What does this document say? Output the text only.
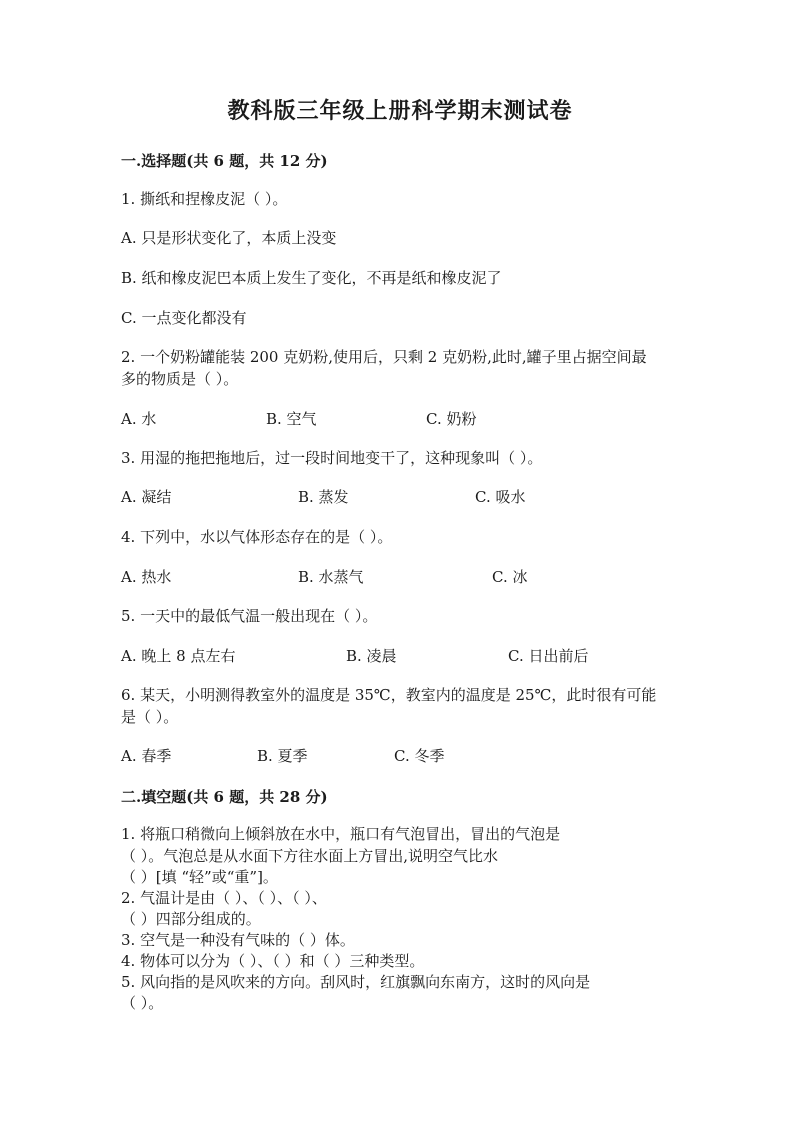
教科版三年级上册科学期末测试卷
一.选择题(共 6 题，共 12 分)
1. 撕纸和捏橡皮泥（ ）。
A. 只是形状变化了，本质上没变
B. 纸和橡皮泥巴本质上发生了变化，不再是纸和橡皮泥了
C. 一点变化都没有
2. 一个奶粉罐能装 200 克奶粉,使用后，只剩 2 克奶粉,此时,罐子里占据空间最
多的物质是（ ）。
A. 水	B. 空气	C. 奶粉
3. 用湿的拖把拖地后，过一段时间地变干了，这种现象叫（ ）。
A. 凝结	B. 蒸发	C. 吸水
4. 下列中，水以气体形态存在的是（ ）。
A. 热水	B. 水蒸气	C. 冰
5. 一天中的最低气温一般出现在（ ）。
A. 晚上 8 点左右	B. 凌晨	C. 日出前后
6. 某天，小明测得教室外的温度是 35℃，教室内的温度是 25℃，此时很有可能
是（ ）。
A. 春季	B. 夏季	C. 冬季
二.填空题(共 6 题，共 28 分)
1. 将瓶口稍微向上倾斜放在水中，瓶口有气泡冒出，冒出的气泡是
（ ）。气泡总是从水面下方往水面上方冒出,说明空气比水
（ ）[填 “轻”或“重”]。
2. 气温计是由（ ）、（ ）、（ ）、
（ ）四部分组成的。
3. 空气是一种没有气味的（ ）体。
4. 物体可以分为（ ）、（ ）和（ ）三种类型。
5. 风向指的是风吹来的方向。刮风时，红旗飘向东南方，这时的风向是
（ ）。
